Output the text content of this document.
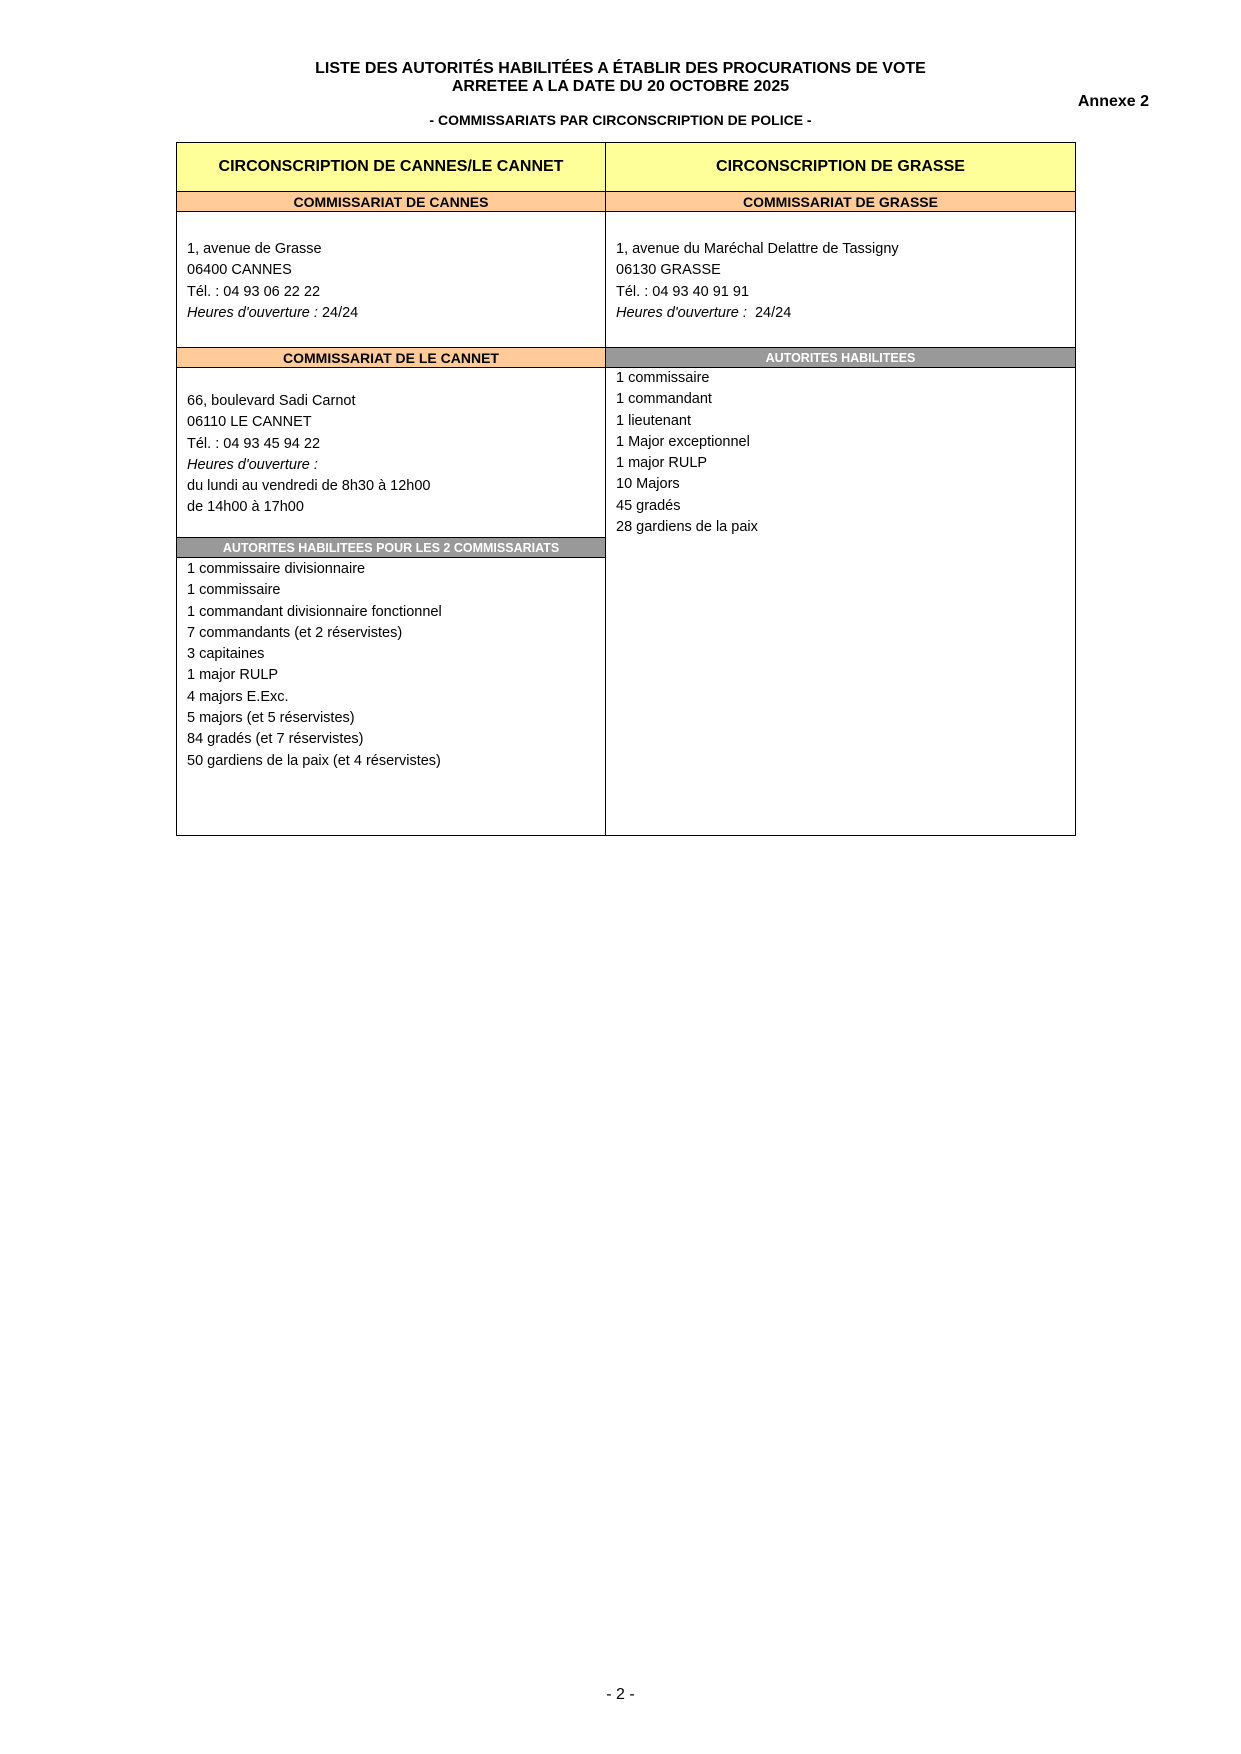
LISTE DES AUTORITÉS HABILITÉES A ÉTABLIR DES PROCURATIONS DE VOTE
ARRETEE A LA DATE DU 20 OCTOBRE 2025
Annexe 2
- COMMISSARIATS PAR CIRCONSCRIPTION DE POLICE -
CIRCONSCRIPTION DE CANNES/LE CANNET
COMMISSARIAT DE CANNES
1, avenue de Grasse
06400 CANNES
Tél. : 04 93 06 22 22
Heures d'ouverture : 24/24
COMMISSARIAT DE LE CANNET
66, boulevard Sadi Carnot
06110 LE CANNET
Tél. : 04 93 45 94 22
Heures d'ouverture :
du lundi au vendredi de 8h30 à 12h00
de 14h00 à 17h00
AUTORITES HABILITEES POUR LES 2 COMMISSARIATS
1 commissaire divisionnaire
1 commissaire
1 commandant divisionnaire fonctionnel
7 commandants (et 2 réservistes)
3 capitaines
1 major RULP
4 majors E.Exc.
5 majors (et 5 réservistes)
84 gradés (et 7 réservistes)
50 gardiens de la paix (et 4 réservistes)
CIRCONSCRIPTION DE GRASSE
COMMISSARIAT DE GRASSE
1, avenue du Maréchal Delattre de Tassigny
06130 GRASSE
Tél. : 04 93 40 91 91
Heures d'ouverture :  24/24
AUTORITES HABILITEES
1 commissaire
1 commandant
1 lieutenant
1 Major exceptionnel
1 major RULP
10 Majors
45 gradés
28 gardiens de la paix
- 2 -
